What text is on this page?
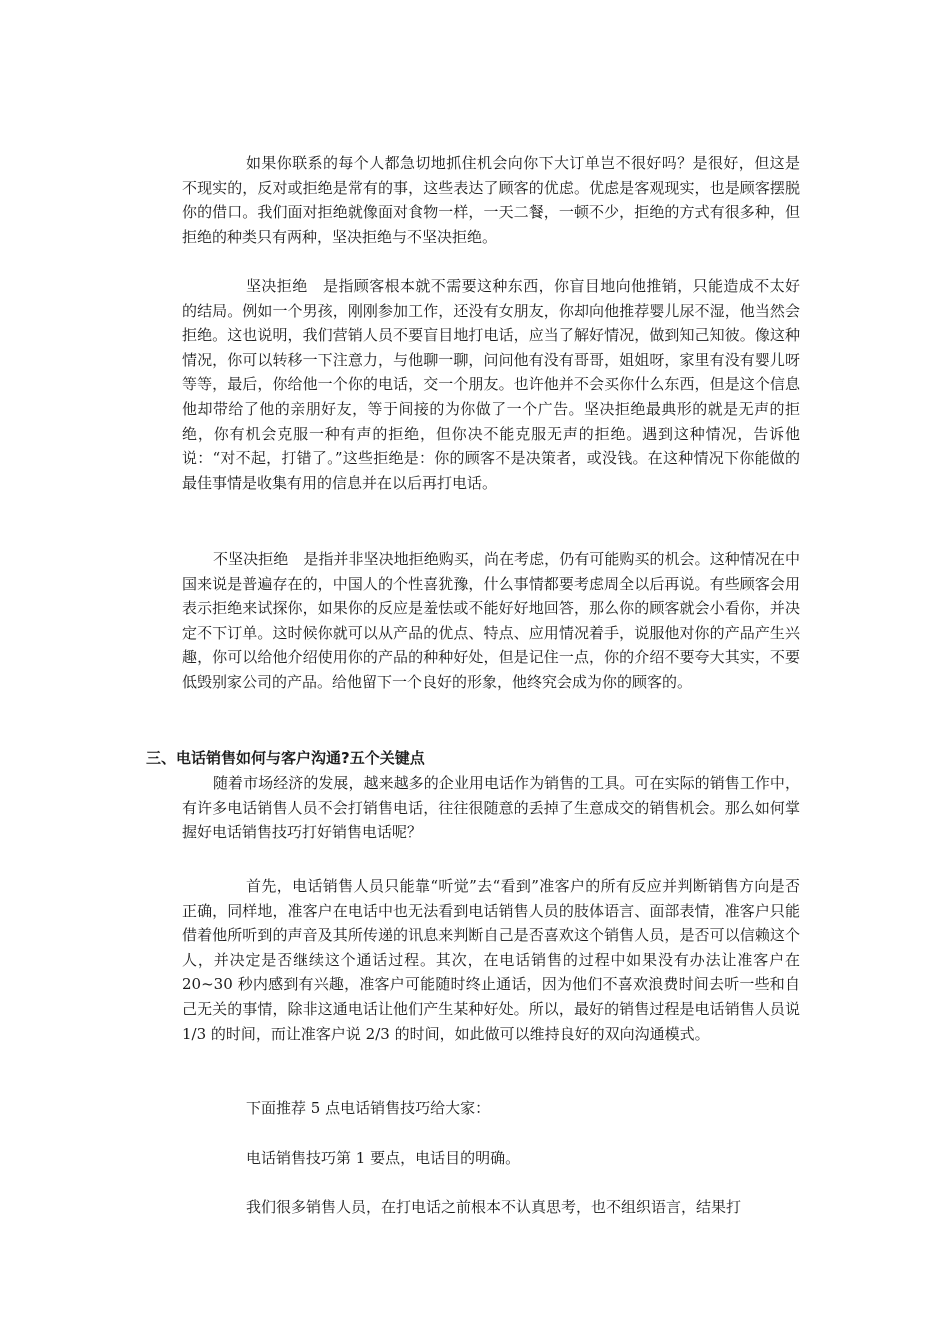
如果你联系的每个人都急切地抓住机会向你下大订单岂不很好吗？是很好，但这是不现实的，反对或拒绝是常有的事，这些表达了顾客的优虑。优虑是客观现实，也是顾客摆脱你的借口。我们面对拒绝就像面对食物一样，一天二餐，一顿不少，拒绝的方式有很多种，但拒绝的种类只有两种，坚决拒绝与不坚决拒绝。

坚决拒绝　是指顾客根本就不需要这种东西，你盲目地向他推销，只能造成不太好的结局。例如一个男孩，刚刚参加工作，还没有女朋友，你却向他推荐婴儿尿不湿，他当然会拒绝。这也说明，我们营销人员不要盲目地打电话，应当了解好情况，做到知己知彼。像这种情况，你可以转移一下注意力，与他聊一聊，问问他有没有哥哥，姐姐呀，家里有没有婴儿呀等等，最后，你给他一个你的电话，交一个朋友。也许他并不会买你什么东西，但是这个信息他却带给了他的亲朋好友，等于间接的为你做了一个广告。坚决拒绝最典形的就是无声的拒绝，你有机会克服一种有声的拒绝，但你决不能克服无声的拒绝。遇到这种情况，告诉他说：“对不起，打错了。”这些拒绝是：你的顾客不是决策者，或没钱。在这种情况下你能做的最佳事情是收集有用的信息并在以后再打电话。

不坚决拒绝　是指并非坚决地拒绝购买，尚在考虑，仍有可能购买的机会。这种情况在中国来说是普遍存在的，中国人的个性喜犹豫，什么事情都要考虑周全以后再说。有些顾客会用表示拒绝来试探你，如果你的反应是羞怯或不能好好地回答，那么你的顾客就会小看你，并决定不下订单。这时候你就可以从产品的优点、特点、应用情况着手，说服他对你的产品产生兴趣，你可以给他介绍使用你的产品的种种好处，但是记住一点，你的介绍不要夸大其实，不要低毁别家公司的产品。给他留下一个良好的形象，他终究会成为你的顾客的。

三、电话销售如何与客户沟通?五个关键点

随着市场经济的发展，越来越多的企业用电话作为销售的工具。可在实际的销售工作中，有许多电话销售人员不会打销售电话，往往很随意的丢掉了生意成交的销售机会。那么如何掌握好电话销售技巧打好销售电话呢？

首先，电话销售人员只能靠“听觉”去“看到”准客户的所有反应并判断销售方向是否正确，同样地，准客户在电话中也无法看到电话销售人员的肢体语言、面部表情，准客户只能借着他所听到的声音及其所传递的讯息来判断自己是否喜欢这个销售人员，是否可以信赖这个人，并决定是否继续这个通话过程。其次，在电话销售的过程中如果没有办法让准客户在 20~30 秒内感到有兴趣，准客户可能随时终止通话，因为他们不喜欢浪费时间去听一些和自己无关的事情，除非这通电话让他们产生某种好处。所以，最好的销售过程是电话销售人员说 1/3 的时间，而让准客户说 2/3 的时间，如此做可以维持良好的双向沟通模式。

下面推荐 5 点电话销售技巧给大家：

电话销售技巧第 1 要点，电话目的明确。

我们很多销售人员，在打电话之前根本不认真思考，也不组织语言，结果打
